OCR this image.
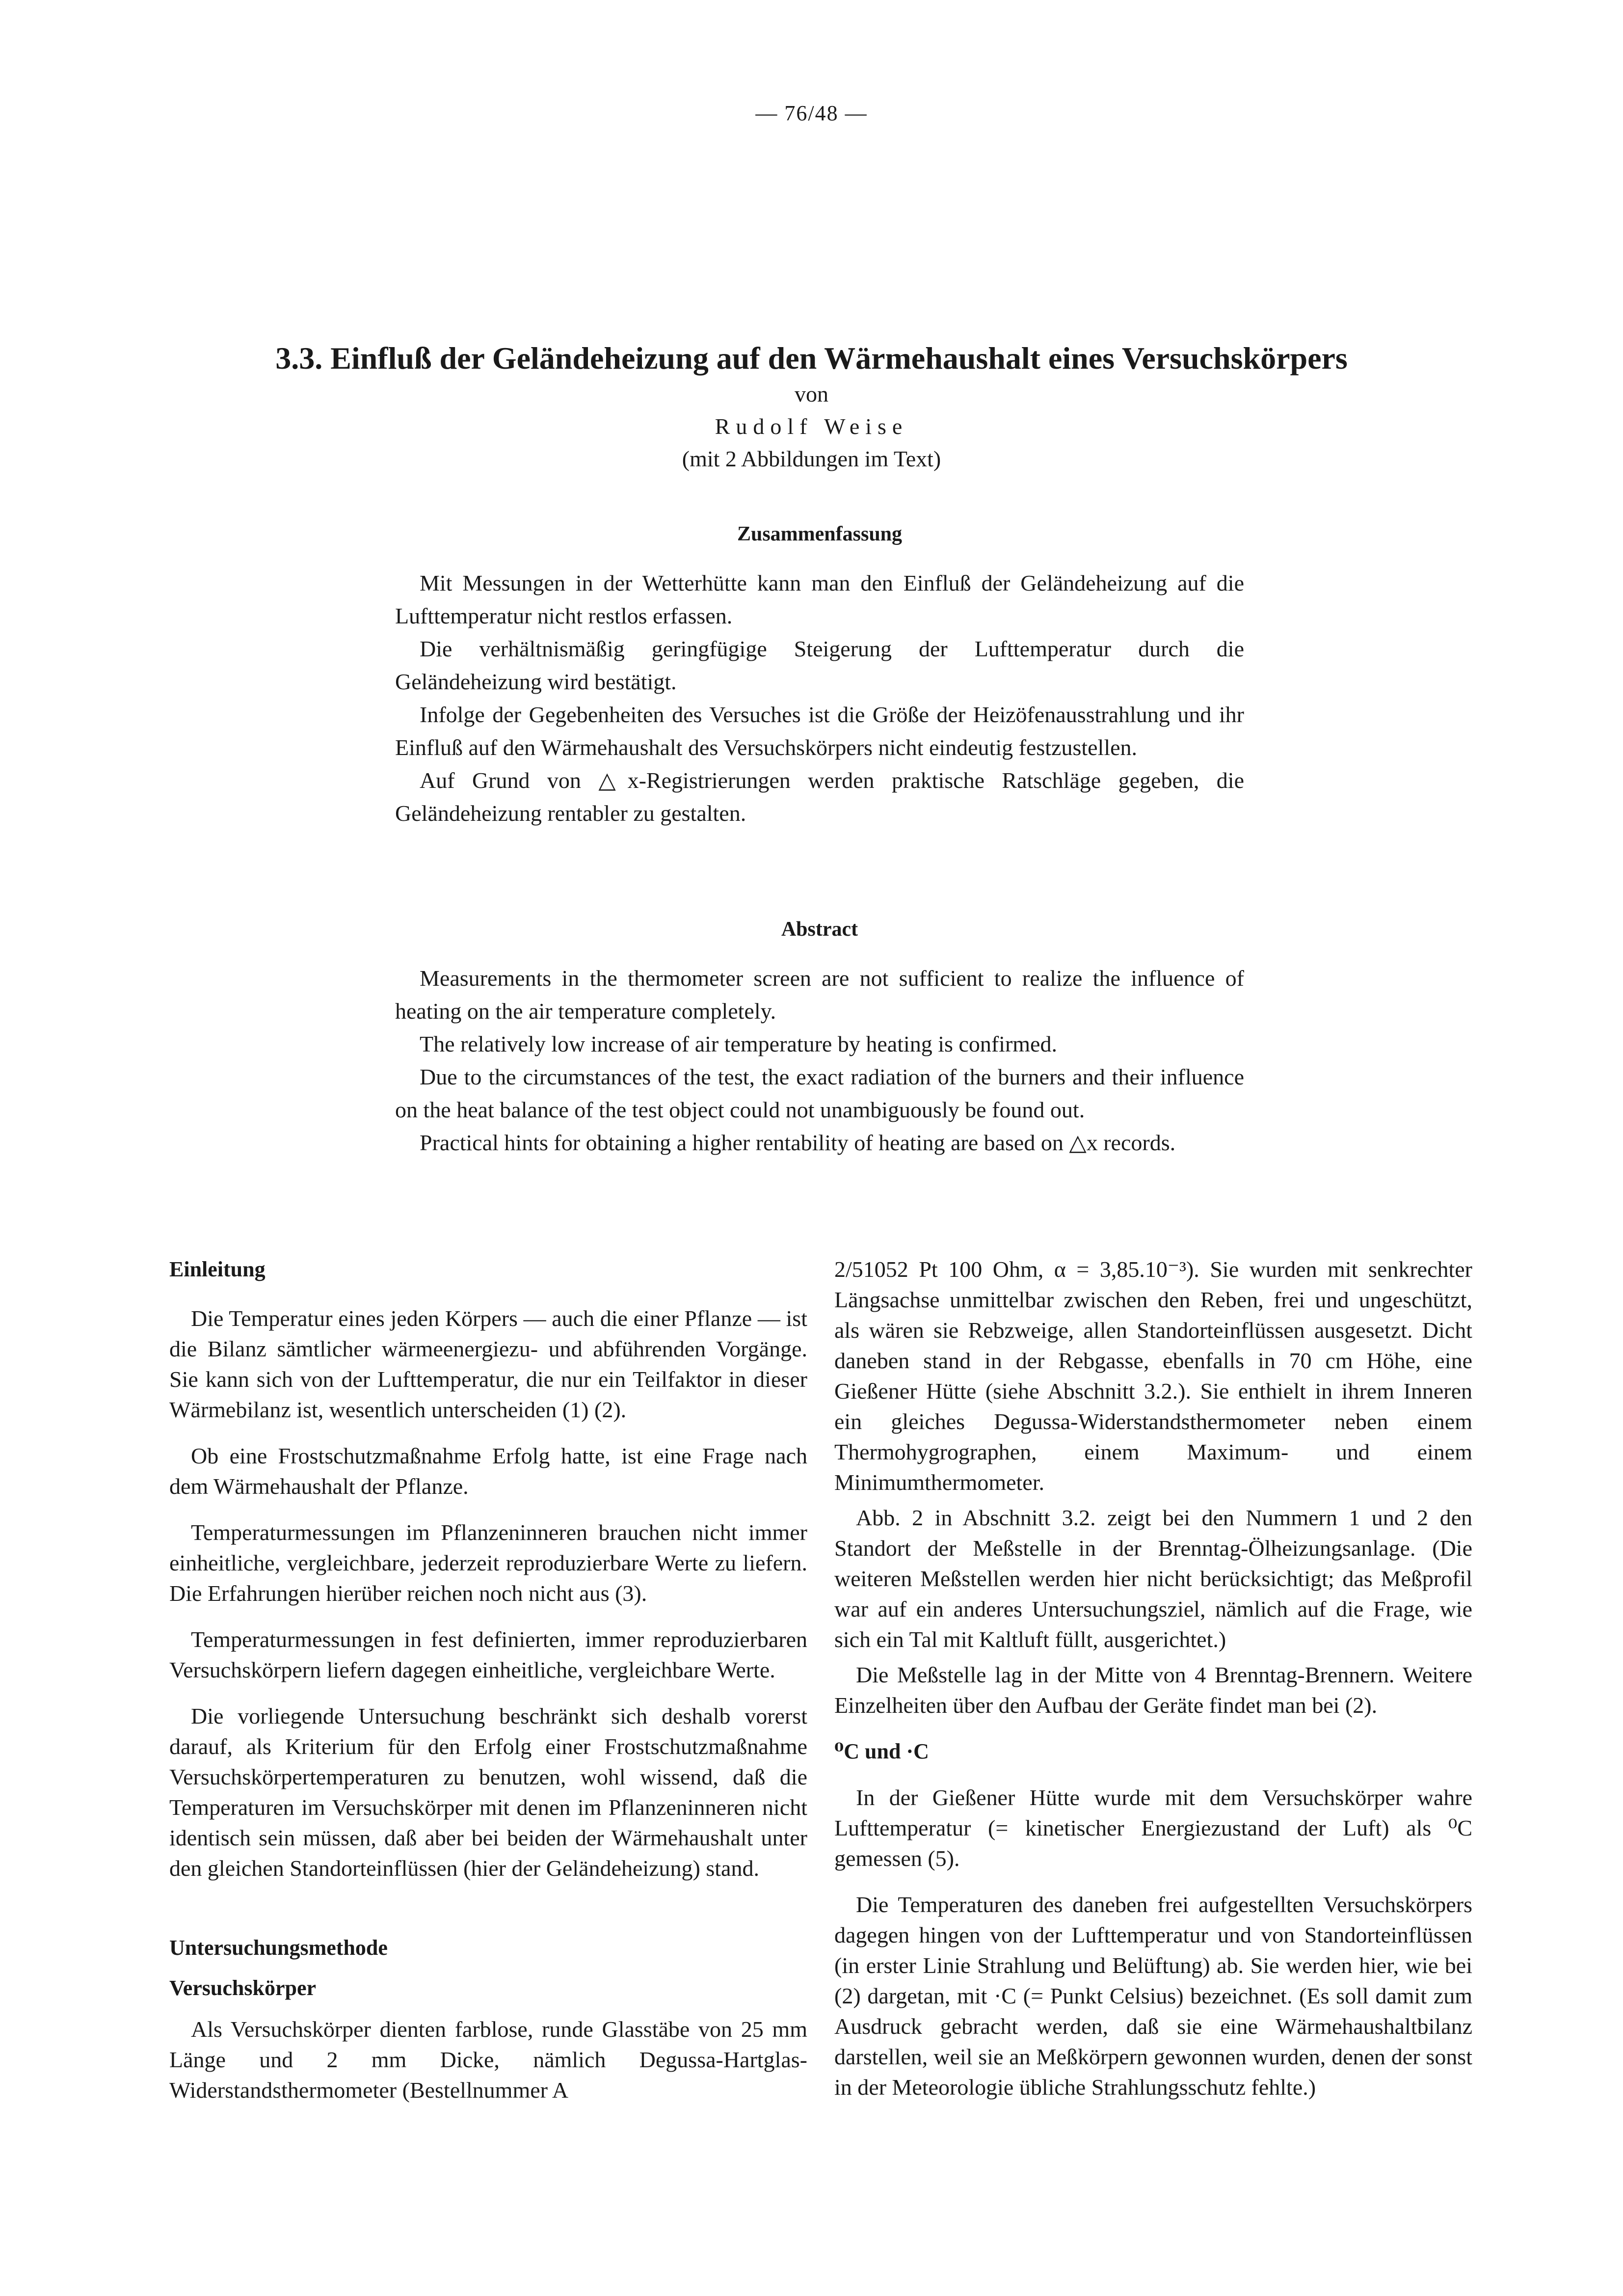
— 76/48 —
3.3. Einfluß der Geländeheizung auf den Wärmehaushalt eines Versuchskörpers
von
Rudolf Weise
(mit 2 Abbildungen im Text)
Zusammenfassung

Mit Messungen in der Wetterhütte kann man den Einfluß der Geländeheizung auf die Lufttemperatur nicht restlos erfassen.

Die verhältnismäßig geringfügige Steigerung der Lufttemperatur durch die Geländeheizung wird bestätigt.

Infolge der Gegebenheiten des Versuches ist die Größe der Heizöfenausstrahlung und ihr Einfluß auf den Wärmehaushalt des Versuchskörpers nicht eindeutig festzustellen.

Auf Grund von △x-Registrierungen werden praktische Ratschläge gegeben, die Geländeheizung rentabler zu gestalten.

Abstract

Measurements in the thermometer screen are not sufficient to realize the influence of heating on the air temperature completely.

The relatively low increase of air temperature by heating is confirmed.

Due to the circumstances of the test, the exact radiation of the burners and their influence on the heat balance of the test object could not unambiguously be found out.

Practical hints for obtaining a higher rentability of heating are based on △x records.

Einleitung

Die Temperatur eines jeden Körpers — auch die einer Pflanze — ist die Bilanz sämtlicher wärmeenergiezu- und abführenden Vorgänge. Sie kann sich von der Lufttemperatur, die nur ein Teilfaktor in dieser Wärmebilanz ist, wesentlich unterscheiden (1) (2).

Ob eine Frostschutzmaßnahme Erfolg hatte, ist eine Frage nach dem Wärmehaushalt der Pflanze.

Temperaturmessungen im Pflanzeninneren brauchen nicht immer einheitliche, vergleichbare, jederzeit reproduzierbare Werte zu liefern. Die Erfahrungen hierüber reichen noch nicht aus (3).

Temperaturmessungen in fest definierten, immer reproduzierbaren Versuchskörpern liefern dagegen einheitliche, vergleichbare Werte.

Die vorliegende Untersuchung beschränkt sich deshalb vorerst darauf, als Kriterium für den Erfolg einer Frostschutzmaßnahme Versuchskörpertemperaturen zu benutzen, wohl wissend, daß die Temperaturen im Versuchskörper mit denen im Pflanzeninneren nicht identisch sein müssen, daß aber bei beiden der Wärmehaushalt unter den gleichen Standorteinflüssen (hier der Geländeheizung) stand.

Untersuchungsmethode
Versuchskörper

Als Versuchskörper dienten farblose, runde Glasstäbe von 25 mm Länge und 2 mm Dicke, nämlich Degussa-Hartglas-Widerstandsthermometer (Bestellnummer A

2/51052 Pt 100 Ohm, α = 3,85.10⁻³). Sie wurden mit senkrechter Längsachse unmittelbar zwischen den Reben, frei und ungeschützt, als wären sie Rebzweige, allen Standorteinflüssen ausgesetzt. Dicht daneben stand in der Rebgasse, ebenfalls in 70 cm Höhe, eine Gießener Hütte (siehe Abschnitt 3.2.). Sie enthielt in ihrem Inneren ein gleiches Degussa-Widerstandsthermometer neben einem Thermohygrographen, einem Maximum- und einem Minimumthermometer.

Abb. 2 in Abschnitt 3.2. zeigt bei den Nummern 1 und 2 den Standort der Meßstelle in der Brenntag-Ölheizungsanlage. (Die weiteren Meßstellen werden hier nicht berücksichtigt; das Meßprofil war auf ein anderes Untersuchungsziel, nämlich auf die Frage, wie sich ein Tal mit Kaltluft füllt, ausgerichtet.)

Die Meßstelle lag in der Mitte von 4 Brenntag-Brennern. Weitere Einzelheiten über den Aufbau der Geräte findet man bei (2).

⁰C und ·C

In der Gießener Hütte wurde mit dem Versuchskörper wahre Lufttemperatur (= kinetischer Energiezustand der Luft) als ⁰C gemessen (5).

Die Temperaturen des daneben frei aufgestellten Versuchskörpers dagegen hingen von der Lufttemperatur und von Standorteinflüssen (in erster Linie Strahlung und Belüftung) ab. Sie werden hier, wie bei (2) dargetan, mit ·C (= Punkt Celsius) bezeichnet. (Es soll damit zum Ausdruck gebracht werden, daß sie eine Wärmehaushaltbilanz darstellen, weil sie an Meßkörpern gewonnen wurden, denen der sonst in der Meteorologie übliche Strahlungsschutz fehlte.)
